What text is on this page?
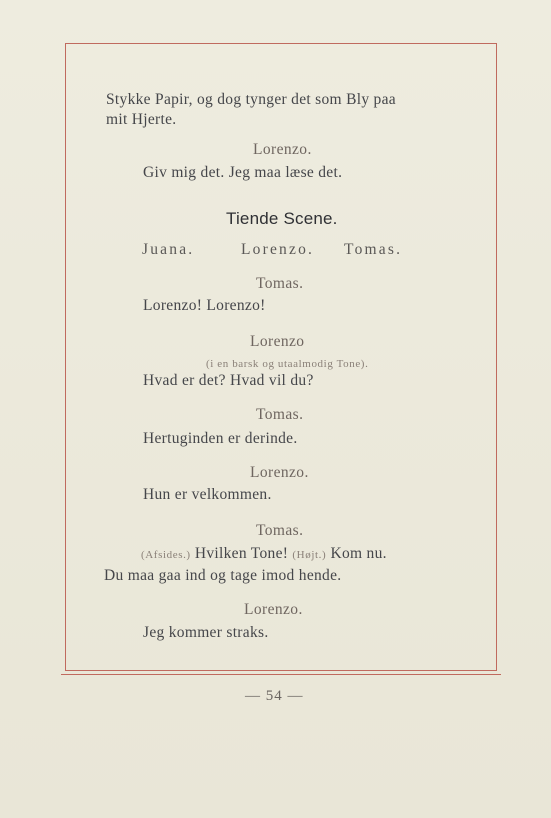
Stykke Papir, og dog tynger det som Bly paa
mit Hjerte.
Lorenzo.
Giv mig det. Jeg maa læse det.
Tiende Scene.
Juana.	Lorenzo. Tomas.
Tomas.
Lorenzo! Lorenzo!
Lorenzo
(i en barsk og utaalmodig Tone).
Hvad er det? Hvad vil du?
Tomas.
Hertuginden er derinde.
Lorenzo.
Hun er velkommen.
Tomas.
(Afsides.) Hvilken Tone! (Højt.) Kom nu.
Du maa gaa ind og tage imod hende.
Lorenzo.
Jeg kommer straks.
— 54 —
